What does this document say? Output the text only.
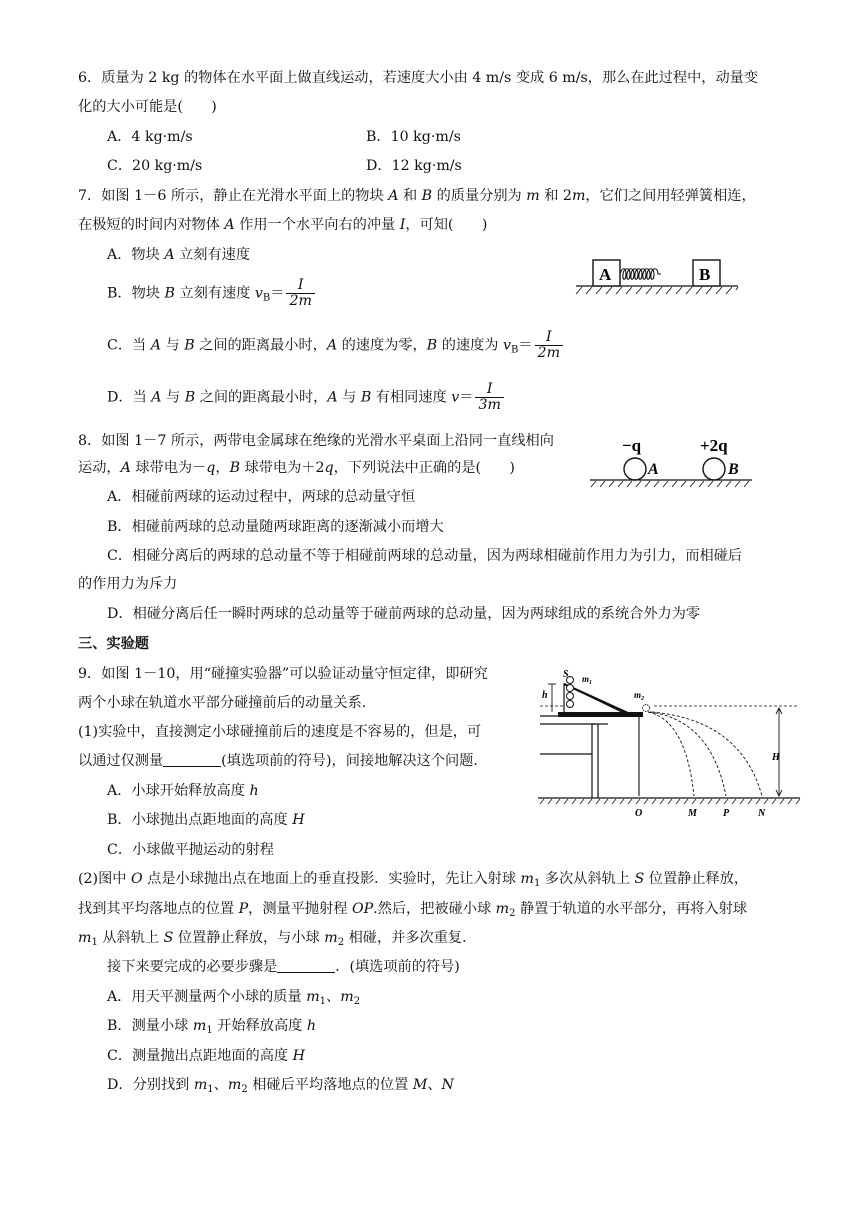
6．质量为 2 kg 的物体在水平面上做直线运动，若速度大小由 4 m/s 变成 6 m/s，那么在此过程中，动量变
化的大小可能是(　　)
A．4 kg·m/s	B．10 kg·m/s
C．20 kg·m/s	D．12 kg·m/s
7．如图 1－6 所示，静止在光滑水平面上的物块 A 和 B 的质量分别为 m 和 2m，它们之间用轻弹簧相连，
在极短的时间内对物体 A 作用一个水平向右的冲量 I，可知(　　)
A．物块 A 立刻有速度
B．物块 B 立刻有速度 $v_B= \frac{I}{2m}$
C．当 A 与 B 之间的距离最小时，A 的速度为零，B 的速度为 $v_B= \frac{I}{2m}$
D．当 A 与 B 之间的距离最小时，A 与 B 有相同速度 $v= \frac{I}{3m}$
A	B
8．如图 1－7 所示，两带电金属球在绝缘的光滑水平桌面上沿同一直线相向
运动，A 球带电为－q，B 球带电为＋2q，下列说法中正确的是(　　)
A．相碰前两球的运动过程中，两球的总动量守恒
B．相碰前两球的总动量随两球距离的逐渐减小而增大
C．相碰分离后的两球的总动量不等于相碰前两球的总动量，因为两球相碰前作用力为引力，而相碰后
的作用力为斥力
D．相碰分离后任一瞬时两球的总动量等于碰前两球的总动量，因为两球组成的系统合外力为零
−q	+2q
A	B
三、实验题
9．如图 1－10，用“碰撞实验器”可以验证动量守恒定律，即研究
两个小球在轨道水平部分碰撞前后的动量关系．
(1)实验中，直接测定小球碰撞前后的速度是不容易的，但是，可
以通过仅测量	(填选项前的符号)，间接地解决这个问题．
A．小球开始释放高度 h
B．小球抛出点距地面的高度 H
C．小球做平抛运动的射程
(2)图中 O 点是小球抛出点在地面上的垂直投影．实验时，先让入射球 $m_1$ 多次从斜轨上 S 位置静止释放，
找到其平均落地点的位置 P，测量平抛射程 OP.然后，把被碰小球 $m_2$ 静置于轨道的水平部分，再将入射球
$m_1$ 从斜轨上 S 位置静止释放，与小球 $m_2$ 相碰，并多次重复．
接下来要完成的必要步骤是	．(填选项前的符号)
A．用天平测量两个小球的质量 $m_1$、$m_2$
B．测量小球 $m_1$ 开始释放高度 h
C．测量抛出点距地面的高度 H
D．分别找到 $m_1$、$m_2$ 相碰后平均落地点的位置 M、N
h
S $m_1$
$m_2$
H
O	M	P	N
